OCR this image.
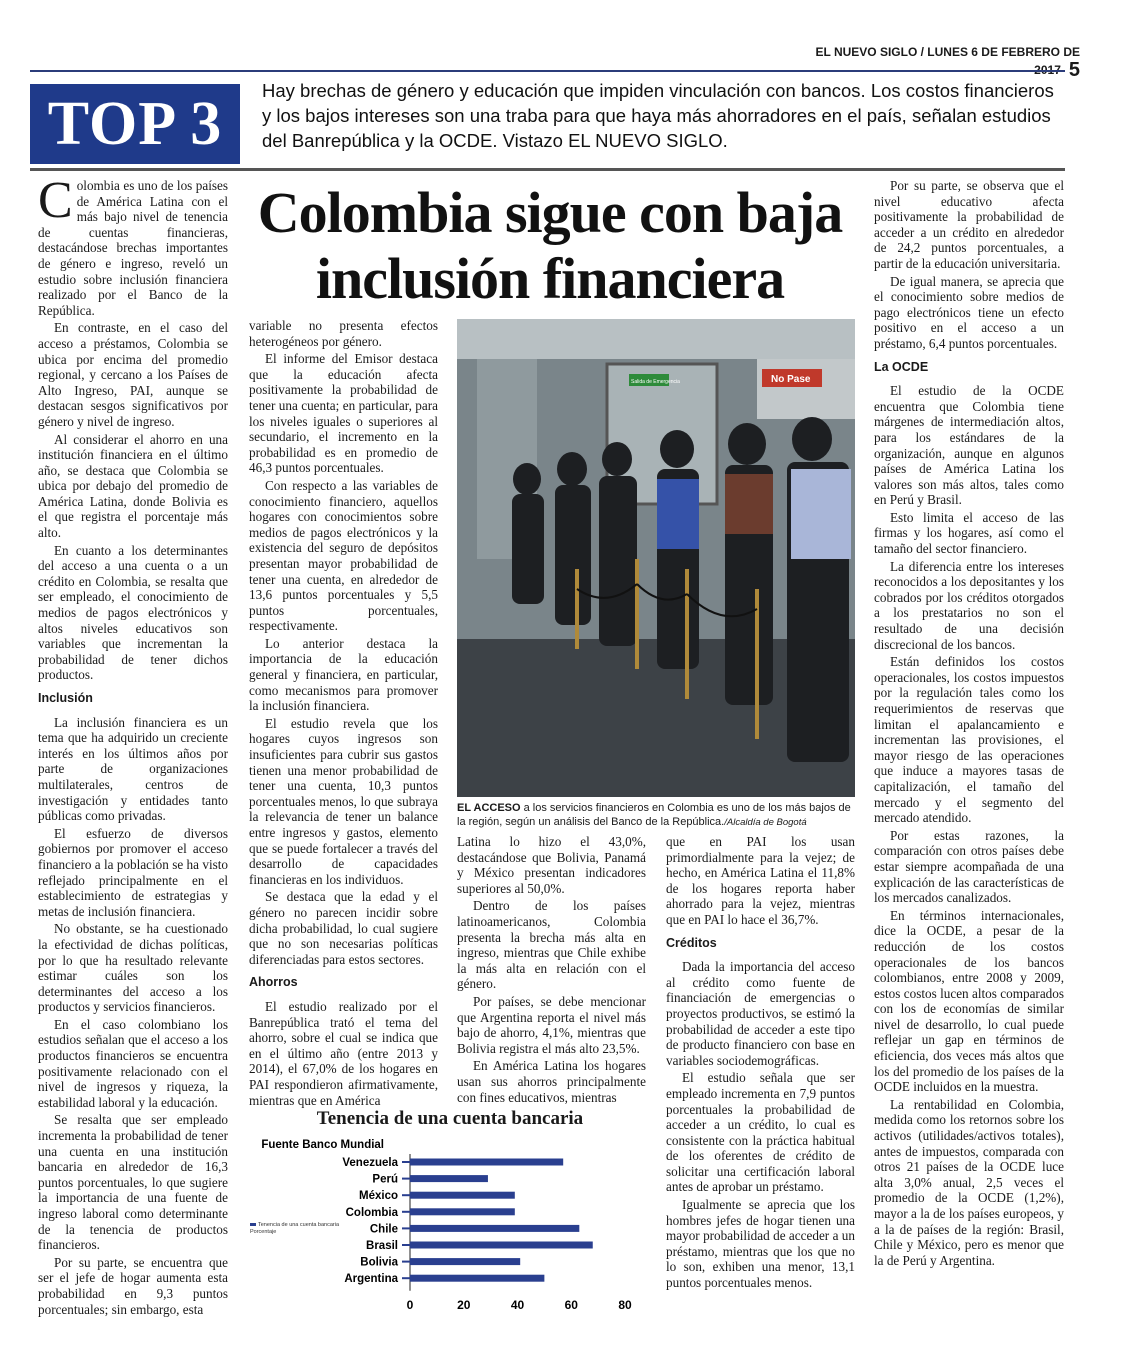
EL NUEVO SIGLO / LUNES 6 DE FEBRERO DE 5
TOP 3	Hay brechas de género y educación que impiden vinculación con bancos. Los costos financieros y los bajos intereses son una traba para que haya más ahorradores en el país, señalan estudios del Banrepública y la OCDE. Vistazo EL NUEVO SIGLO.
Colombia sigue con baja inclusión financiera

Colombia es uno de los países de América Latina con el más bajo nivel de tenencia de cuentas financieras, destacándose brechas importantes de género e ingreso, reveló un estudio sobre inclusión financiera realizado por el Banco de la República.

En contraste, en el caso del acceso a préstamos, Colombia se ubica por encima del promedio regional, y cercano a los Países de Alto Ingreso, PAI, aunque se destacan sesgos significativos por género y nivel de ingreso.

Al considerar el ahorro en una institución financiera en el último año, se destaca que Colombia se ubica por debajo del promedio de América Latina, donde Bolivia es el que registra el porcentaje más alto.

En cuanto a los determinantes del acceso a una cuenta o a un crédito en Colombia, se resalta que ser empleado, el conocimiento de medios de pagos electrónicos y altos niveles educativos son variables que incrementan la probabilidad de tener dichos productos.

Inclusión

La inclusión financiera es un tema que ha adquirido un creciente interés en los últimos años por parte de organizaciones multilaterales, centros de investigación y entidades tanto públicas como privadas.

El esfuerzo de diversos gobiernos por promover el acceso financiero a la población se ha visto reflejado principalmente en el establecimiento de estrategias y metas de inclusión financiera.

No obstante, se ha cuestionado la efectividad de dichas políticas, por lo que ha resultado relevante estimar cuáles son los determinantes del acceso a los productos y servicios financieros.

En el caso colombiano los estudios señalan que el acceso a los productos financieros se encuentra positivamente relacionado con el nivel de ingresos y riqueza, la estabilidad laboral y la educación.

Se resalta que ser empleado incrementa la probabilidad de tener una cuenta en una institución bancaria en alrededor de 16,3 puntos porcentuales, lo que sugiere la importancia de una fuente de ingreso laboral como determinante de la tenencia de productos financieros.

Por su parte, se encuentra que ser el jefe de hogar aumenta esta probabilidad en 9,3 puntos porcentuales; sin embargo, esta

variable no presenta efectos heterogéneos por género.

El informe del Emisor destaca que la educación afecta positivamente la probabilidad de tener una cuenta; en particular, para los niveles iguales o superiores al secundario, el incremento en la probabilidad es en promedio de 46,3 puntos porcentuales.

Con respecto a las variables de conocimiento financiero, aquellos hogares con conocimientos sobre medios de pagos electrónicos y la existencia del seguro de depósitos presentan mayor probabilidad de tener una cuenta, en alrededor de 13,6 puntos porcentuales y 5,5 puntos porcentuales, respectivamente.

Lo anterior destaca la importancia de la educación general y financiera, en particular, como mecanismos para promover la inclusión financiera.

El estudio revela que los hogares cuyos ingresos son insuficientes para cubrir sus gastos tienen una menor probabilidad de tener una cuenta, 10,3 puntos porcentuales menos, lo que subraya la relevancia de tener un balance entre ingresos y gastos, elemento que se puede fortalecer a través del desarrollo de capacidades financieras en los individuos.

Se destaca que la edad y el género no parecen incidir sobre dicha probabilidad, lo cual sugiere que no son necesarias políticas diferenciadas para estos sectores.

Ahorros

El estudio realizado por el Banrepública trató el tema del ahorro, sobre el cual se indica que en el último año (entre 2013 y 2014), el 67,0% de los hogares en PAI respondieron afirmativamente, mientras que en América

Salida de Emergencia	No Pase
EL ACCESO a los servicios financieros en Colombia es uno de los más bajos de la región, según un análisis del Banco de la República./Alcaldía de Bogotá

Latina lo hizo el 43,0%, destacándose que Bolivia, Panamá y México presentan indicadores superiores al 50,0%.

Dentro de los países latinoamericanos, Colombia presenta la brecha más alta en ingreso, mientras que Chile exhibe la más alta en relación con el género.

Por países, se debe mencionar que Argentina reporta el nivel más bajo de ahorro, 4,1%, mientras que Bolivia registra el más alto 23,5%.

En América Latina los hogares usan sus ahorros principalmente con fines educativos, mientras

que en PAI los usan primordialmente para la vejez; de hecho, en América Latina el 11,8% de los hogares reporta haber ahorrado para la vejez, mientras que en PAI lo hace el 36,7%.

Créditos

Dada la importancia del acceso al crédito como fuente de financiación de emergencias o proyectos productivos, se estimó la probabilidad de acceder a este tipo de producto financiero con base en variables sociodemográficas.

El estudio señala que ser empleado incrementa en 7,9 puntos porcentuales la probabilidad de acceder a un crédito, lo cual es consistente con la práctica habitual de los oferentes de crédito de solicitar una certificación laboral antes de aprobar un préstamo.

Igualmente se aprecia que los hombres jefes de hogar tienen una mayor probabilidad de acceder a un préstamo, mientras que los que no lo son, exhiben una menor, 13,1 puntos porcentuales menos.

Por su parte, se observa que el nivel educativo afecta positivamente la probabilidad de acceder a un crédito en alrededor de 24,2 puntos porcentuales, a partir de la educación universitaria.

De igual manera, se aprecia que el conocimiento sobre medios de pago electrónicos tiene un efecto positivo en el acceso a un préstamo, 6,4 puntos porcentuales.

La OCDE

El estudio de la OCDE encuentra que Colombia tiene márgenes de intermediación altos, para los estándares de la organización, aunque en algunos países de América Latina los valores son más altos, tales como en Perú y Brasil.

Esto limita el acceso de las firmas y los hogares, así como el tamaño del sector financiero.

La diferencia entre los intereses reconocidos a los depositantes y los cobrados por los créditos otorgados a los prestatarios no son el resultado de una decisión discrecional de los bancos.

Están definidos los costos operacionales, los costos impuestos por la regulación tales como los requerimientos de reservas que limitan el apalancamiento e incrementan las provisiones, el mayor riesgo de las operaciones que induce a mayores tasas de capitalización, el tamaño del mercado y el segmento del mercado atendido.

Por estas razones, la comparación con otros países debe estar siempre acompañada de una explicación de las características de los mercados canalizados.

En términos internacionales, dice la OCDE, a pesar de la reducción de los costos operacionales de los bancos colombianos, entre 2008 y 2009, estos costos lucen altos comparados con los de economías de similar nivel de desarrollo, lo cual puede reflejar un gap en términos de eficiencia, dos veces más altos que los del promedio de los países de la OCDE incluidos en la muestra.

La rentabilidad en Colombia, medida como los retornos sobre los activos (utilidades/activos totales), antes de impuestos, comparada con otros 21 países de la OCDE luce alta 3,0% anual, 2,5 veces el promedio de la OCDE (1,2%), mayor a la de los países europeos, y a la de países de la región: Brasil, Chile y México, pero es menor que la de Perú y Argentina.

Tenencia de una cuenta bancaria
Fuente Banco Mundial
Venezuela
Perú
México
Colombia
Chile
Brasil
Bolivia
Argentina
0	20	40	60	80
Tenencia de una cuenta bancaria Porcentaje
